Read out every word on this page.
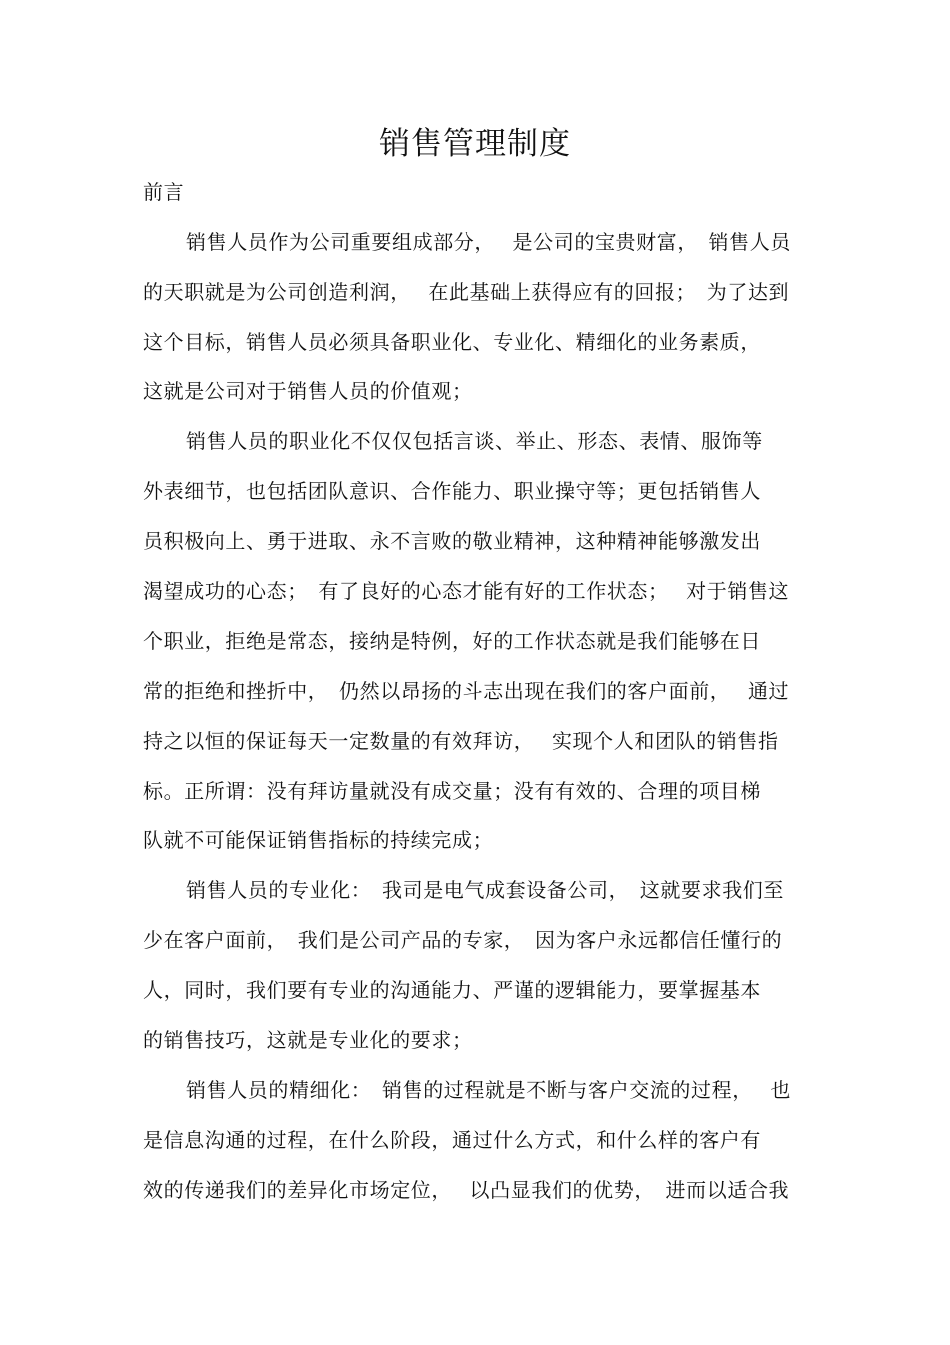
销售管理制度
前言
销售人员作为公司重要组成部分，　 是公司的宝贵财富，　销售人员
的天职就是为公司创造利润，　 在此基础上获得应有的回报；　为了达到
这个目标，销售人员必须具备职业化、专业化、精细化的业务素质，
这就是公司对于销售人员的价值观；
销售人员的职业化不仅仅包括言谈、举止、形态、表情、服饰等
外表细节，也包括团队意识、合作能力、职业操守等；更包括销售人
员积极向上、勇于进取、永不言败的敬业精神，这种精神能够激发出
渴望成功的心态；　有了良好的心态才能有好的工作状态；　 对于销售这
个职业，拒绝是常态，接纳是特例，好的工作状态就是我们能够在日
常的拒绝和挫折中，　仍然以昂扬的斗志出现在我们的客户面前，　 通过
持之以恒的保证每天一定数量的有效拜访，　 实现个人和团队的销售指
标。正所谓：没有拜访量就没有成交量；没有有效的、合理的项目梯
队就不可能保证销售指标的持续完成；
销售人员的专业化：　我司是电气成套设备公司，　这就要求我们至
少在客户面前，　我们是公司产品的专家，　因为客户永远都信任懂行的
人，同时，我们要有专业的沟通能力、严谨的逻辑能力，要掌握基本
的销售技巧，这就是专业化的要求；
销售人员的精细化：　销售的过程就是不断与客户交流的过程，　 也
是信息沟通的过程，在什么阶段，通过什么方式，和什么样的客户有
效的传递我们的差异化市场定位，　 以凸显我们的优势，　进而以适合我
